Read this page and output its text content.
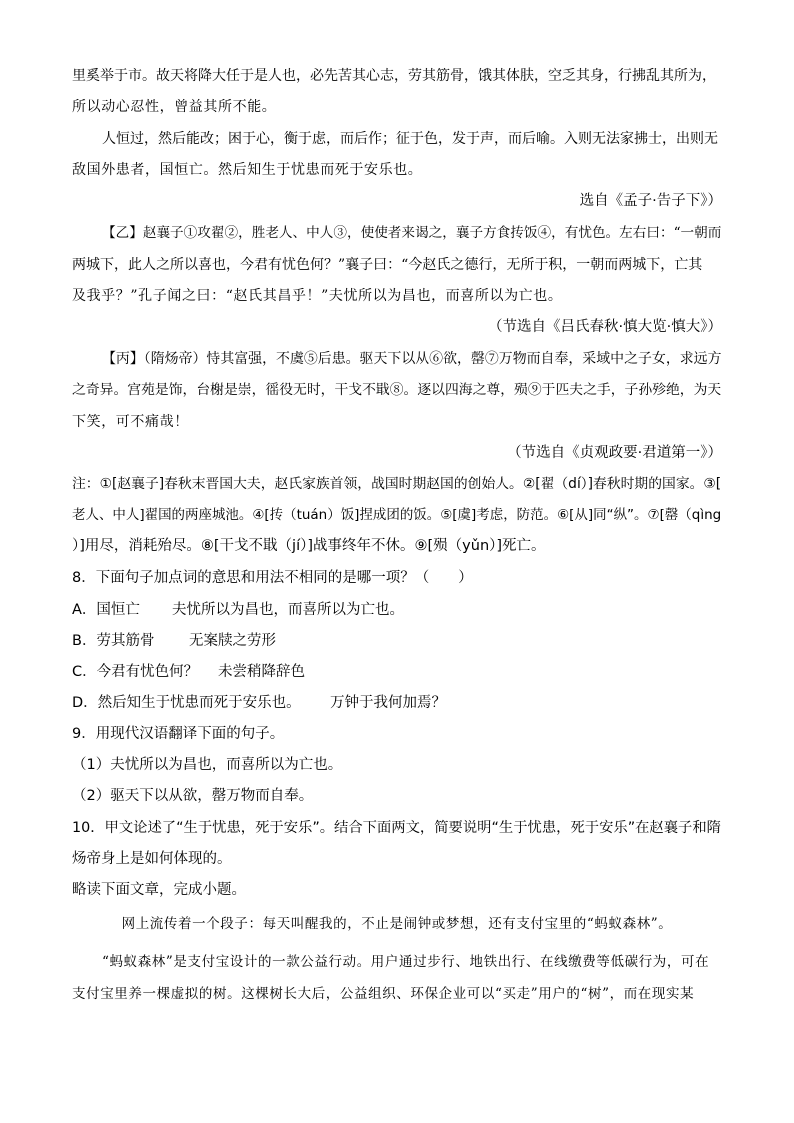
里奚举于市。故天将降大任于是人也，必先苦其心志，劳其筋骨，饿其体肤，空乏其身，行拂乱其所为，
所以动心忍性，曾益其所不能。
人恒过，然后能改；困于心，衡于虑，而后作；征于色，发于声，而后喻。入则无法家拂士，出则无
敌国外患者，国恒亡。然后知生于忧患而死于安乐也。
选自《孟子·告子下》）
【乙】赵襄子①攻翟②，胜老人、中人③，使使者来谒之，襄子方食抟饭④，有忧色。左右曰：“一朝而
两城下，此人之所以喜也，今君有忧色何？”襄子曰：“今赵氏之德行，无所于积，一朝而两城下，亡其
及我乎？”孔子闻之曰：“赵氏其昌乎！”夫忧所以为昌也，而喜所以为亡也。
（节选自《吕氏春秋·慎大览·慎大》）
【丙】（隋炀帝）恃其富强，不虞⑤后患。驱天下以从⑥欲，罄⑦万物而自奉，采域中之子女，求远方
之奇异。宫苑是饰，台榭是崇，徭役无时，干戈不戢⑧。逐以四海之尊，殒⑨于匹夫之手，子孙殄绝，为天
下笑，可不痛哉！
（节选自《贞观政要·君道第一》）
注：①[赵襄子]春秋末晋国大夫，赵氏家族首领，战国时期赵国的创始人。②[翟（dí）]春秋时期的国家。③[
老人、中人]翟国的两座城池。④[抟（tuán）饭]捏成团的饭。⑤[虞]考虑，防范。⑥[从]同“纵”。⑦[罄（qìng
）]用尽，消耗殆尽。⑧[干戈不戢（jí）]战事终年不休。⑨[殒（yǔn）]死亡。
8．下面句子加点词的意思和用法不相同的是哪一项？（　　）
A．国恒亡 夫忧所以为昌也，而喜所以为亡也。
B．劳其筋骨 无案牍之劳形
C．今君有忧色何？ 未尝稍降辞色
D．然后知生于忧患而死于安乐也。 万钟于我何加焉？
9．用现代汉语翻译下面的句子。
（1）夫忧所以为昌也，而喜所以为亡也。
（2）驱天下以从欲，罄万物而自奉。
10．甲文论述了“生于忧患，死于安乐”。结合下面两文，简要说明“生于忧患，死于安乐”在赵襄子和隋
炀帝身上是如何体现的。
略读下面文章，完成小题。
网上流传着一个段子：每天叫醒我的，不止是闹钟或梦想，还有支付宝里的“蚂蚁森林”。
“蚂蚁森林”是支付宝设计的一款公益行动。用户通过步行、地铁出行、在线缴费等低碳行为，可在
支付宝里养一棵虚拟的树。这棵树长大后，公益组织、环保企业可以“买走”用户的“树”，而在现实某
